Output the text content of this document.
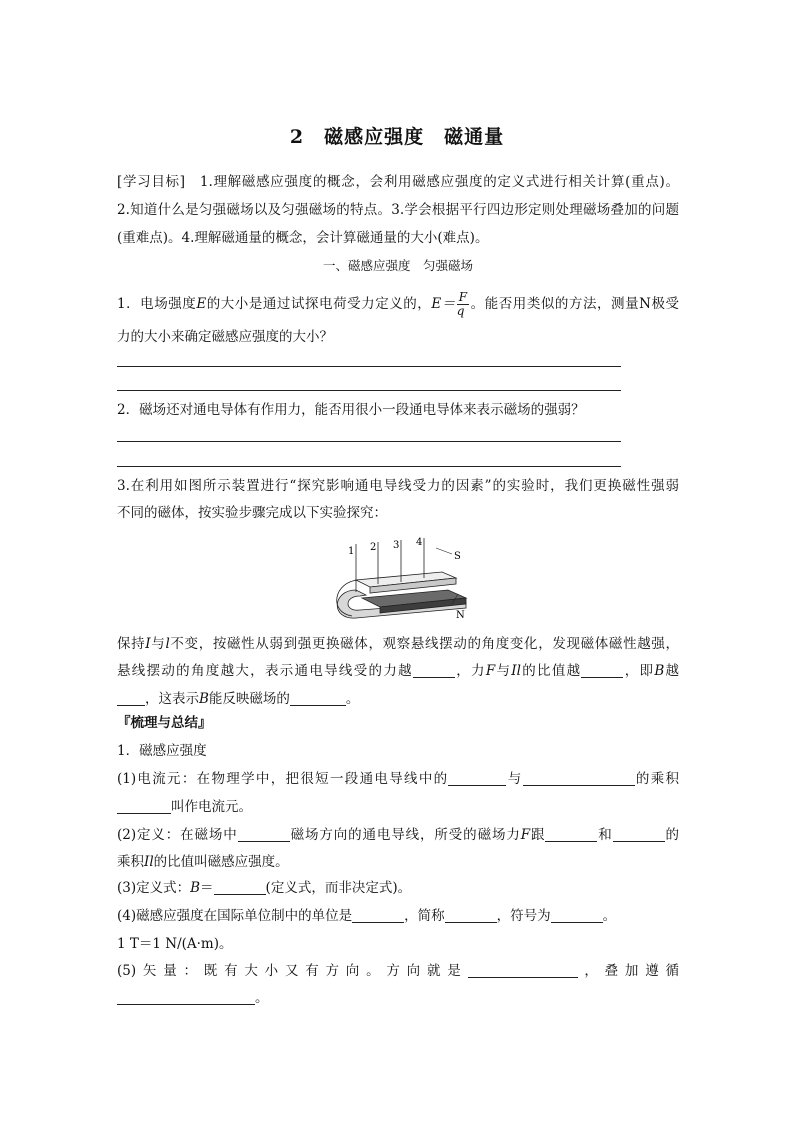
2　磁感应强度　磁通量
[学习目标]　1.理解磁感应强度的概念，会利用磁感应强度的定义式进行相关计算(重点)。
2.知道什么是匀强磁场以及匀强磁场的特点。3.学会根据平行四边形定则处理磁场叠加的问题
(重难点)。4.理解磁通量的概念，会计算磁通量的大小(难点)。
一、磁感应强度　匀强磁场
1．电场强度E的大小是通过试探电荷受力定义的，$E= \frac{F}{q}$ 。能否用类似的方法，测量N极受
力的大小来确定磁感应强度的大小？
2．磁场还对通电导体有作用力，能否用很小一段通电导体来表示磁场的强弱？
3.在利用如图所示装置进行“探究影响通电导线受力的因素”的实验时，我们更换磁性强弱
不同的磁体，按实验步骤完成以下实验探究：
1 2 3 4
S
N
保持I与l不变，按磁性从弱到强更换磁体，观察悬线摆动的角度变化，发现磁体磁性越强，
悬线摆动的角度越大，表示通电导线受的力越	，力F与Il的比值越	，即B越
，这表示B能反映磁场的	。
『梳理与总结』
1．磁感应强度
(1)电流元：在物理学中，把很短一段通电导线中的	与	的乘积
叫作电流元。
(2)定义：在磁场中	磁场方向的通电导线，所受的磁场力F跟	和	的
乘积Il的比值叫磁感应强度。
(3)定义式：B＝	(定义式，而非决定式)。
(4)磁感应强度在国际单位制中的单位是	，简称	，符号为	。
1 T＝1 N/(A·m)。
(5)矢量：既有大小又有方向。方向就是	，叠加遵循
。
